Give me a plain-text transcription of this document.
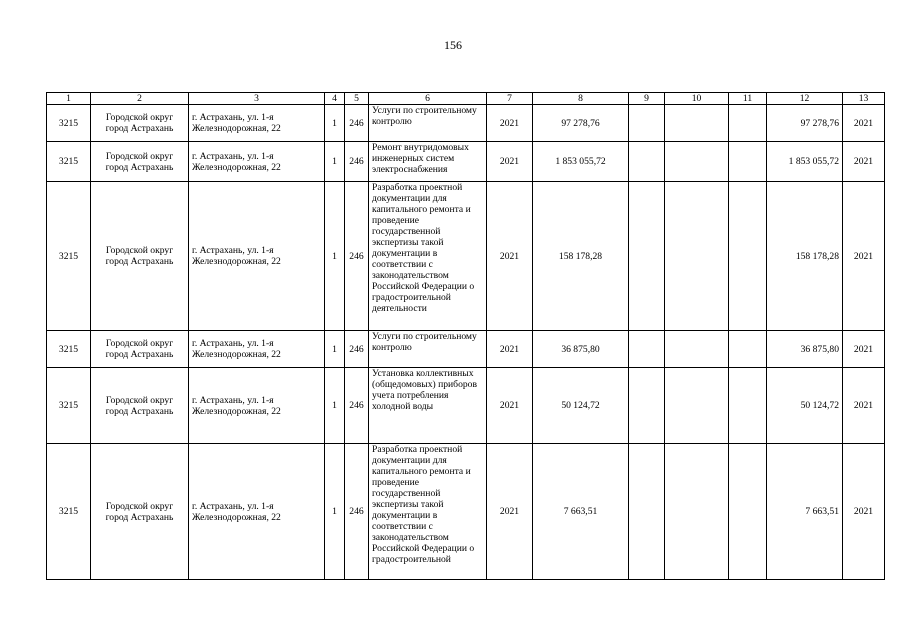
156
1	2	3	4	5	6	7	8	9	10	11	12	13
3215	Городской округ город Астрахань	г. Астрахань, ул. 1-я Железнодорожная, 22	1	246	Услуги по строительному контролю	2021	97 278,76				97 278,76	2021
3215	Городской округ город Астрахань	г. Астрахань, ул. 1-я Железнодорожная, 22	1	246	Ремонт внутридомовых инженерных систем электроснабжения	2021	1 853 055,72				1 853 055,72	2021
3215	Городской округ город Астрахань	г. Астрахань, ул. 1-я Железнодорожная, 22	1	246	Разработка проектной документации для капитального ремонта и проведение государственной экспертизы такой документации в соответствии с законодательством Российской Федерации о градостроительной деятельности	2021	158 178,28				158 178,28	2021
3215	Городской округ город Астрахань	г. Астрахань, ул. 1-я Железнодорожная, 22	1	246	Услуги по строительному контролю	2021	36 875,80				36 875,80	2021
3215	Городской округ город Астрахань	г. Астрахань, ул. 1-я Железнодорожная, 22	1	246	Установка коллективных (общедомовых) приборов учета потребления холодной воды	2021	50 124,72				50 124,72	2021
3215	Городской округ город Астрахань	г. Астрахань, ул. 1-я Железнодорожная, 22	1	246	Разработка проектной документации для капитального ремонта и проведение государственной экспертизы такой документации в соответствии с законодательством Российской Федерации о градостроительной	2021	7 663,51				7 663,51	2021
